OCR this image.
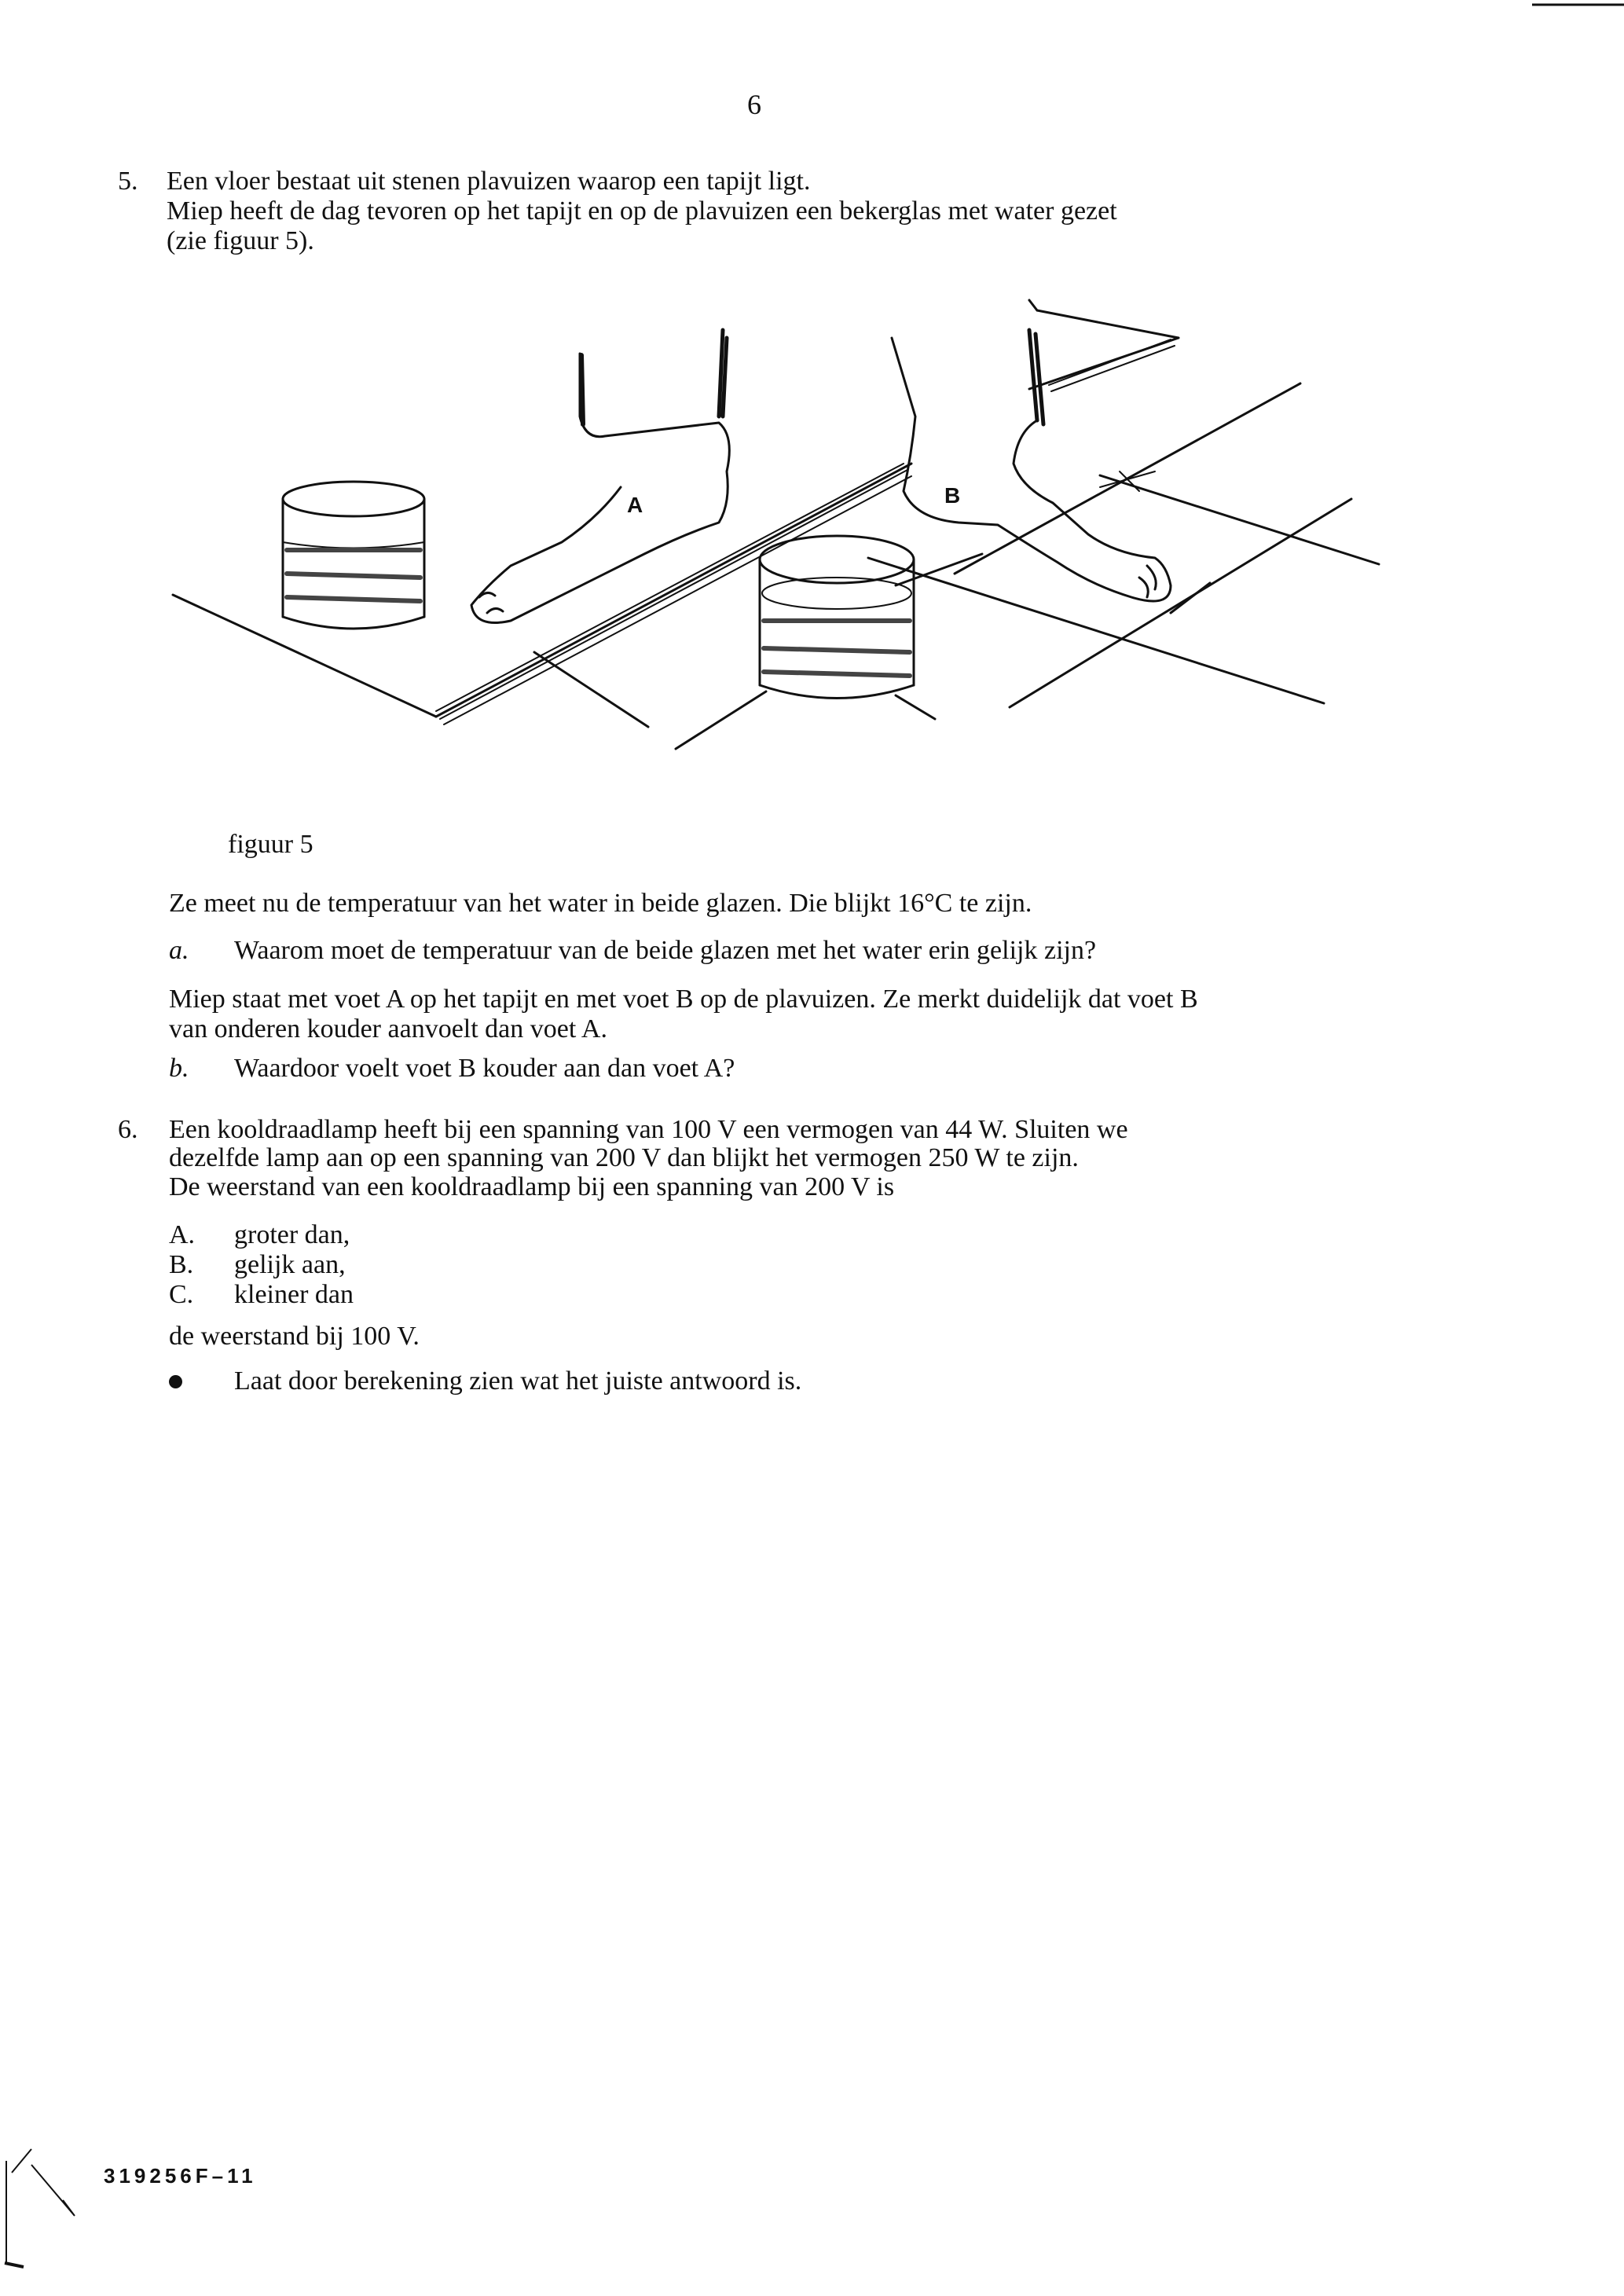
6
5. Een vloer bestaat uit stenen plavuizen waarop een tapijt ligt.
Miep heeft de dag tevoren op het tapijt en op de plavuizen een bekerglas met water gezet
(zie figuur 5).
A	B
figuur 5
Ze meet nu de temperatuur van het water in beide glazen. Die blijkt 16°C te zijn.
a. Waarom moet de temperatuur van de beide glazen met het water erin gelijk zijn?
Miep staat met voet A op het tapijt en met voet B op de plavuizen. Ze merkt duidelijk dat voet B
van onderen kouder aanvoelt dan voet A.
b. Waardoor voelt voet B kouder aan dan voet A?
6. Een kooldraadlamp heeft bij een spanning van 100 V een vermogen van 44 W. Sluiten we
dezelfde lamp aan op een spanning van 200 V dan blijkt het vermogen 250 W te zijn.
De weerstand van een kooldraadlamp bij een spanning van 200 V is
A. groter dan,
B. gelijk aan,
C. kleiner dan
de weerstand bij 100 V.
Laat door berekening zien wat het juiste antwoord is.
319256F–11
